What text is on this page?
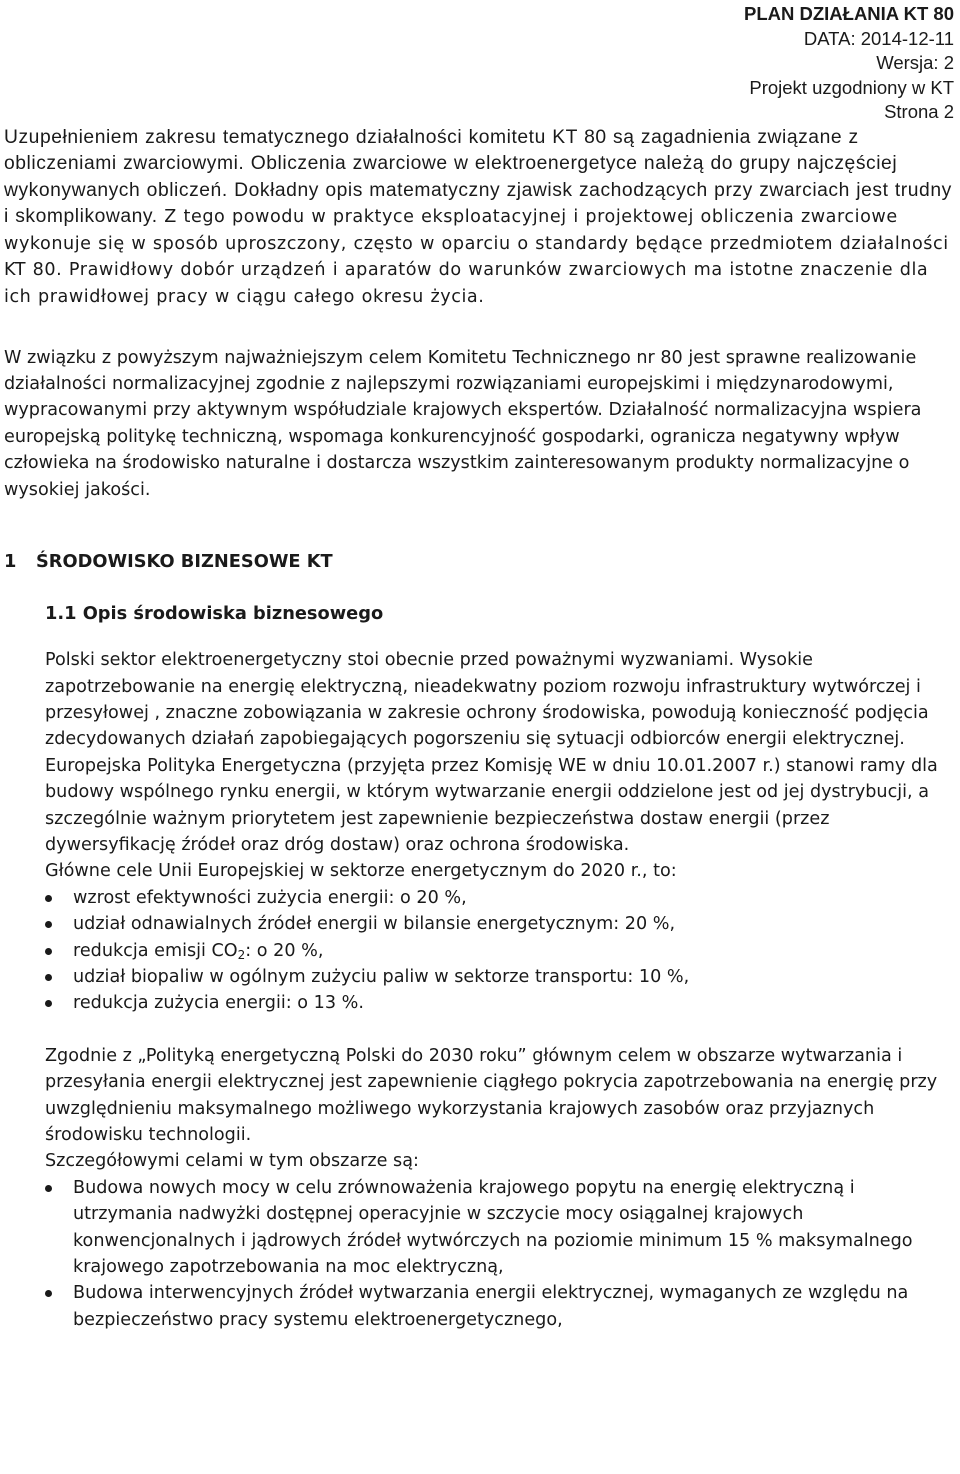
PLAN DZIAŁANIA KT 80
DATA: 2014-12-11
Wersja: 2
Projekt uzgodniony w KT
Strona 2

Uzupełnieniem zakresu tematycznego działalności komitetu KT 80 są zagadnienia związane z obliczeniami zwarciowymi. Obliczenia zwarciowe w elektroenergetyce należą do grupy najczęściej wykonywanych obliczeń. Dokładny opis matematyczny zjawisk zachodzących przy zwarciach jest trudny i skomplikowany. Z tego powodu w praktyce eksploatacyjnej i projektowej obliczenia zwarciowe wykonuje się w sposób uproszczony, często w oparciu o standardy będące przedmiotem działalności KT 80. Prawidłowy dobór urządzeń i aparatów do warunków zwarciowych ma istotne znaczenie dla ich prawidłowej pracy w ciągu całego okresu życia.

W związku z powyższym najważniejszym celem Komitetu Technicznego nr 80 jest sprawne realizowanie działalności normalizacyjnej zgodnie z najlepszymi rozwiązaniami europejskimi i międzynarodowymi, wypracowanymi przy aktywnym współudziale krajowych ekspertów. Działalność normalizacyjna wspiera europejską politykę techniczną, wspomaga konkurencyjność gospodarki, ogranicza negatywny wpływ człowieka na środowisko naturalne i dostarcza wszystkim zainteresowanym produkty normalizacyjne o wysokiej jakości.

1 ŚRODOWISKO BIZNESOWE KT
1.1 Opis środowiska biznesowego

Polski sektor elektroenergetyczny stoi obecnie przed poważnymi wyzwaniami. Wysokie zapotrzebowanie na energię elektryczną, nieadekwatny poziom rozwoju infrastruktury wytwórczej i przesyłowej , znaczne zobowiązania w zakresie ochrony środowiska, powodują konieczność podjęcia zdecydowanych działań zapobiegających pogorszeniu się sytuacji odbiorców energii elektrycznej.

Europejska Polityka Energetyczna (przyjęta przez Komisję WE w dniu 10.01.2007 r.) stanowi ramy dla budowy wspólnego rynku energii, w którym wytwarzanie energii oddzielone jest od jej dystrybucji, a szczególnie ważnym priorytetem jest zapewnienie bezpieczeństwa dostaw energii (przez dywersyfikację źródeł oraz dróg dostaw) oraz ochrona środowiska.

Główne cele Unii Europejskiej w sektorze energetycznym do 2020 r., to:

wzrost efektywności zużycia energii: o 20 %,
udział odnawialnych źródeł energii w bilansie energetycznym: 20 %,
redukcja emisji $CO_2$: o 20 %,
udział biopaliw w ogólnym zużyciu paliw w sektorze transportu: 10 %,
redukcja zużycia energii: o 13 %.

Zgodnie z „Polityką energetyczną Polski do 2030 roku” głównym celem w obszarze wytwarzania i przesyłania energii elektrycznej jest zapewnienie ciągłego pokrycia zapotrzebowania na energię przy uwzględnieniu maksymalnego możliwego wykorzystania krajowych zasobów oraz przyjaznych środowisku technologii.

Szczegółowymi celami w tym obszarze są:

Budowa nowych mocy w celu zrównoważenia krajowego popytu na energię elektryczną i utrzymania nadwyżki dostępnej operacyjnie w szczycie mocy osiągalnej krajowych konwencjonalnych i jądrowych źródeł wytwórczych na poziomie minimum 15 % maksymalnego krajowego zapotrzebowania na moc elektryczną,
Budowa interwencyjnych źródeł wytwarzania energii elektrycznej, wymaganych ze względu na bezpieczeństwo pracy systemu elektroenergetycznego,
